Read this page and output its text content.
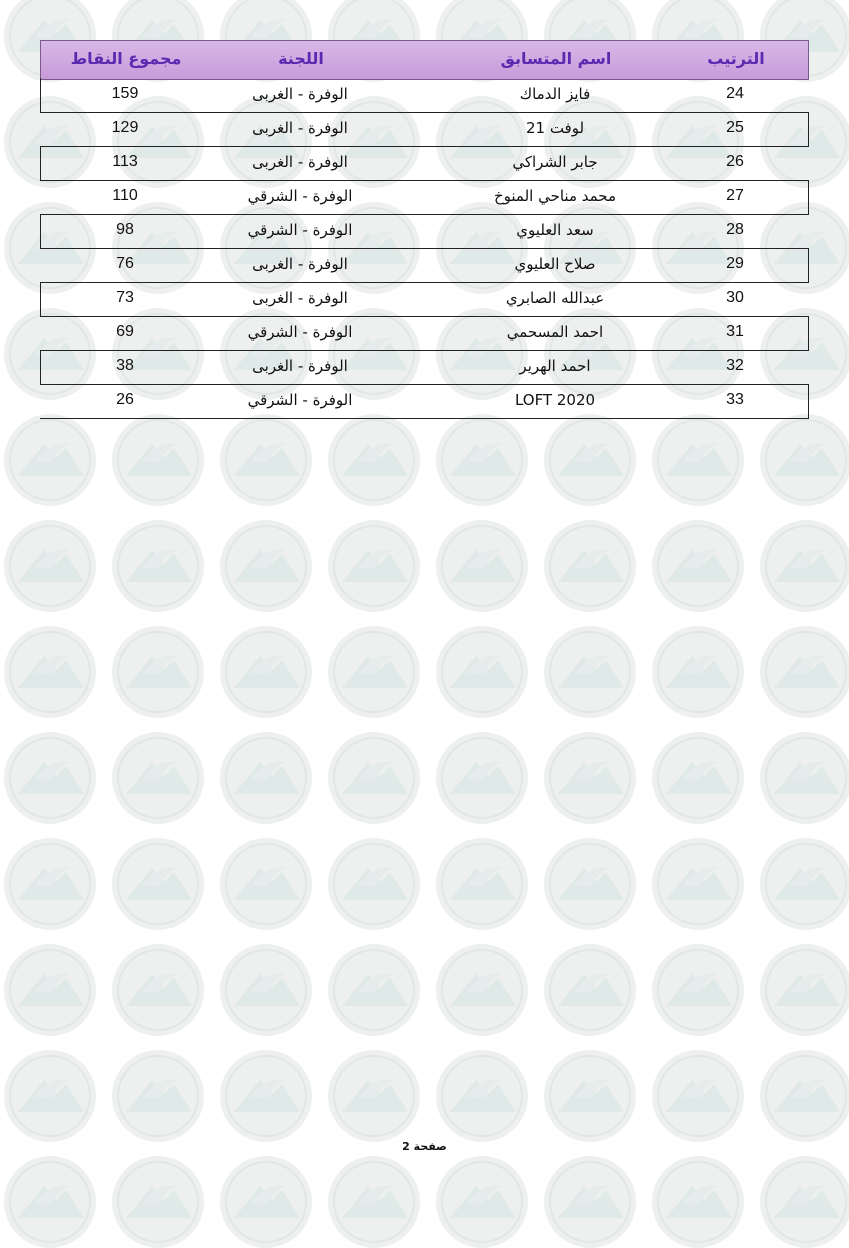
مجموع النقاط	اللجنة	اسم المتسابق	الترتيب
159	الوفرة - الغربى	فايز الدماك	24
129	الوفرة - الغربى	لوفت 21	25
113	الوفرة - الغربى	جابر الشراكي	26
110	الوفرة - الشرقي	محمد مناحي المنوخ	27
98	الوفرة - الشرقي	سعد العليوي	28
76	الوفرة - الغربى	صلاح العليوي	29
73	الوفرة - الغربى	عبدالله الصابري	30
69	الوفرة - الشرقي	احمد المسحمي	31
38	الوفرة - الغربى	احمد الهرير	32
26	الوفرة - الشرقي	LOFT 2020	33
صفحة 2
